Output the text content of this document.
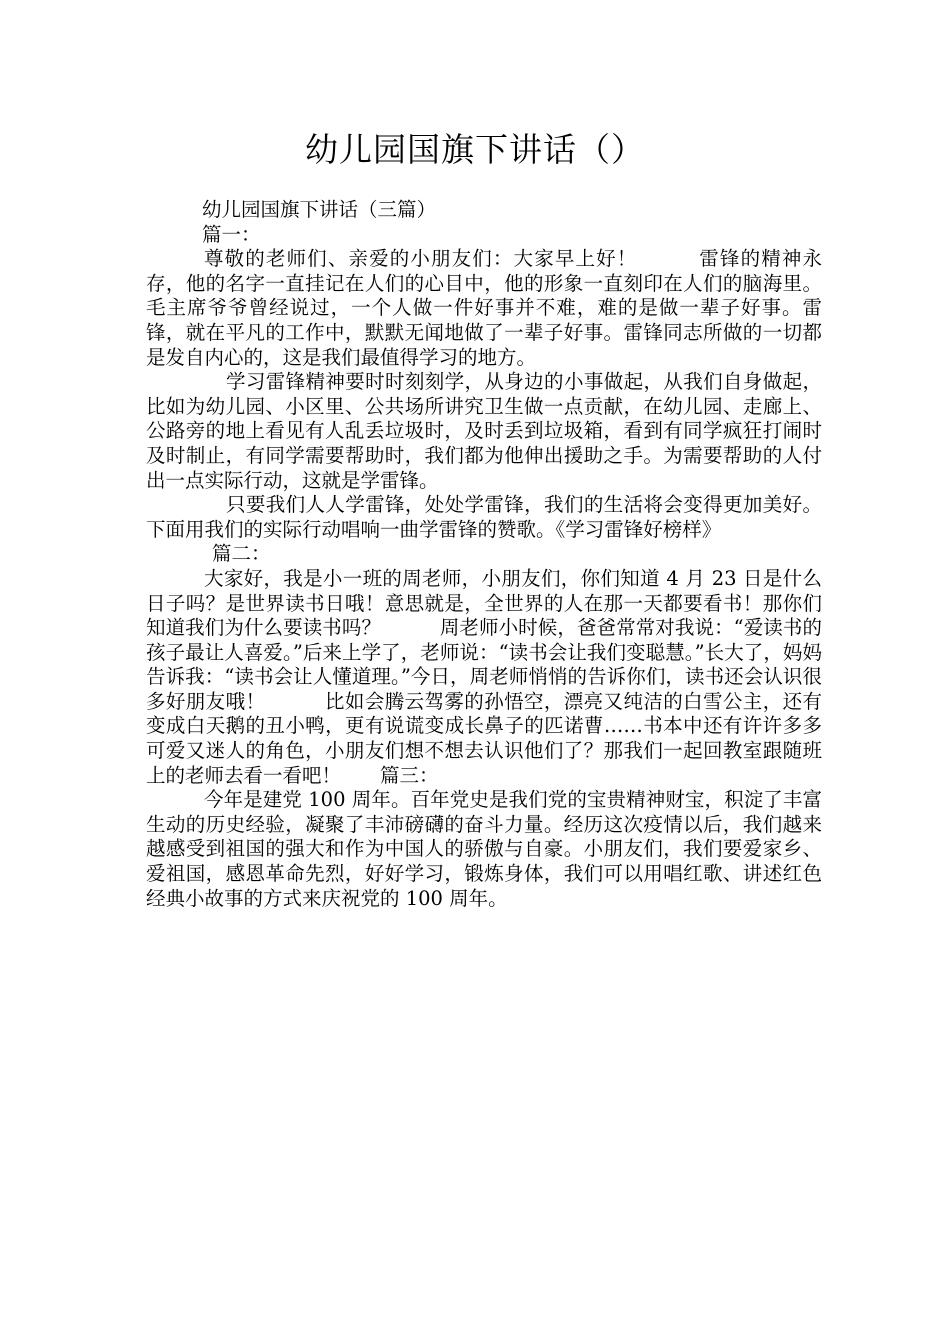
幼儿园国旗下讲话（）

幼儿园国旗下讲话（三篇）

篇一：

尊敬的老师们、亲爱的小朋友们：大家早上好！　　　雷锋的精神永存，他的名字一直挂记在人们的心目中，他的形象一直刻印在人们的脑海里。毛主席爷爷曾经说过，一个人做一件好事并不难，难的是做一辈子好事。雷锋，就在平凡的工作中，默默无闻地做了一辈子好事。雷锋同志所做的一切都是发自内心的，这是我们最值得学习的地方。

学习雷锋精神要时时刻刻学，从身边的小事做起，从我们自身做起，比如为幼儿园、小区里、公共场所讲究卫生做一点贡献，在幼儿园、走廊上、公路旁的地上看见有人乱丢垃圾时，及时丢到垃圾箱，看到有同学疯狂打闹时及时制止，有同学需要帮助时，我们都为他伸出援助之手。为需要帮助的人付出一点实际行动，这就是学雷锋。

只要我们人人学雷锋，处处学雷锋，我们的生活将会变得更加美好。下面用我们的实际行动唱响一曲学雷锋的赞歌。《学习雷锋好榜样》

篇二：

大家好，我是小一班的周老师，小朋友们，你们知道 4 月 23 日是什么日子吗？是世界读书日哦！意思就是，全世界的人在那一天都要看书！那你们知道我们为什么要读书吗？　　　周老师小时候，爸爸常常对我说：“爱读书的孩子最让人喜爱。”后来上学了，老师说：“读书会让我们变聪慧。”长大了，妈妈告诉我：“读书会让人懂道理。”今日，周老师悄悄的告诉你们，读书还会认识很多好朋友哦！　　　比如会腾云驾雾的孙悟空，漂亮又纯洁的白雪公主，还有变成白天鹅的丑小鸭，更有说谎变成长鼻子的匹诺曹……书本中还有许许多多可爱又迷人的角色，小朋友们想不想去认识他们了？那我们一起回教室跟随班上的老师去看一看吧！　　篇三：

今年是建党 100 周年。百年党史是我们党的宝贵精神财宝，积淀了丰富生动的历史经验，凝聚了丰沛磅礴的奋斗力量。经历这次疫情以后，我们越来越感受到祖国的强大和作为中国人的骄傲与自豪。小朋友们，我们要爱家乡、爱祖国，感恩革命先烈，好好学习，锻炼身体，我们可以用唱红歌、讲述红色经典小故事的方式来庆祝党的 100 周年。
